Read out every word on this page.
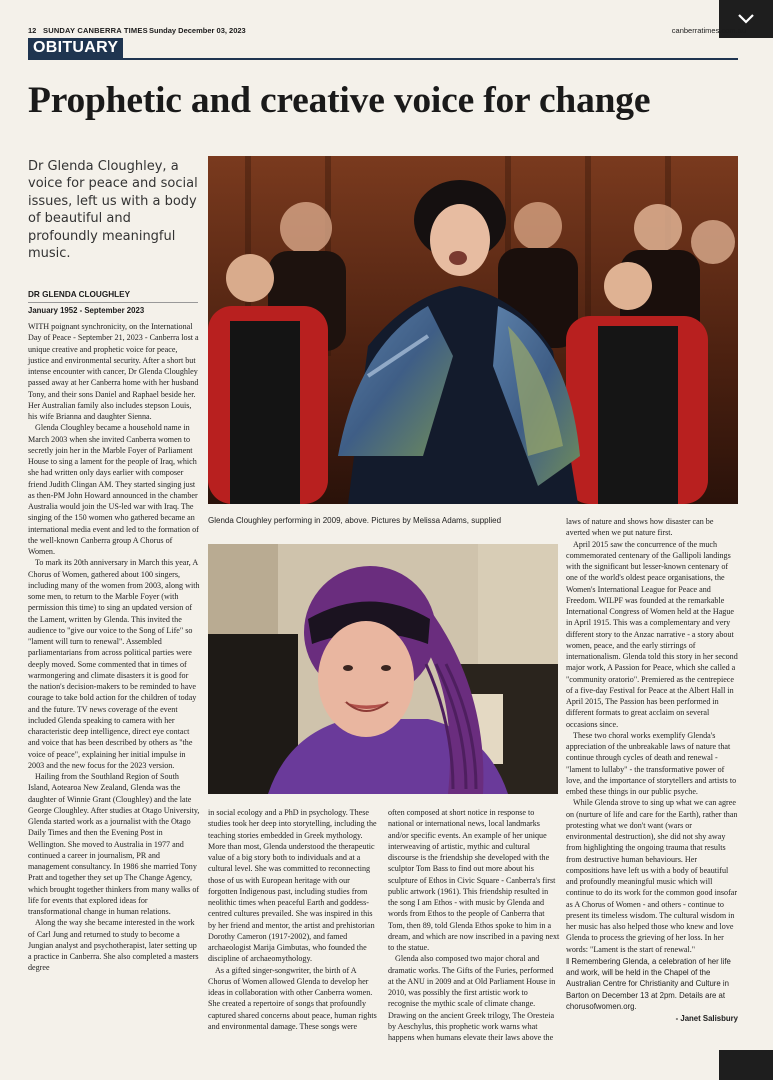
12 SUNDAY CANBERRA TIMES Sunday December 03, 2023	canberratimes.com.au
OBITUARY
Prophetic and creative voice for change
Dr Glenda Cloughley, a voice for peace and social issues, left us with a body of beautiful and profoundly meaningful music.
DR GLENDA CLOUGHLEY
January 1952 - September 2023

WITH poignant synchronicity, on the International Day of Peace - September 21, 2023 - Canberra lost a unique creative and prophetic voice for peace, justice and environmental security. After a short but intense encounter with cancer, Dr Glenda Cloughley passed away at her Canberra home with her husband Tony, and their sons Daniel and Raphael beside her. Her Australian family also includes stepson Louis, his wife Brianna and daughter Sienna.

Glenda Cloughley became a household name in March 2003 when she invited Canberra women to secretly join her in the Marble Foyer of Parliament House to sing a lament for the people of Iraq, which she had written only days earlier with composer friend Judith Clingan AM. They started singing just as then-PM John Howard announced in the chamber Australia would join the US-led war with Iraq. The singing of the 150 women who gathered became an international media event and led to the formation of the well-known Canberra group A Chorus of Women.

To mark its 20th anniversary in March this year, A Chorus of Women, gathered about 100 singers, including many of the women from 2003, along with some men, to return to the Marble Foyer (with permission this time) to sing an updated version of the Lament, written by Glenda. This invited the audience to "give our voice to the Song of Life" so "lament will turn to renewal". Assembled parliamentarians from across political parties were deeply moved. Some commented that in times of warmongering and climate disasters it is good for the nation's decision-makers to be reminded to have courage to take bold action for the children of today and the future. TV news coverage of the event included Glenda speaking to camera with her characteristic deep intelligence, direct eye contact and voice that has been described by others as "the voice of peace", explaining her initial impulse in 2003 and the new focus for the 2023 version.

Hailing from the Southland Region of South Island, Aotearoa New Zealand, Glenda was the daughter of Winnie Grant (Cloughley) and the late George Cloughley. After studies at Otago University, Glenda started work as a journalist with the Otago Daily Times and then the Evening Post in Wellington. She moved to Australia in 1977 and continued a career in journalism, PR and management consultancy. In 1986 she married Tony Pratt and together they set up The Change Agency, which brought together thinkers from many walks of life for events that explored ideas for transformational change in human relations.

Along the way she became interested in the work of Carl Jung and returned to study to become a Jungian analyst and psychotherapist, later setting up a practice in Canberra. She also completed a masters degree

Glenda Cloughley performing in 2009, above. Pictures by Melissa Adams, supplied

in social ecology and a PhD in psychology. These studies took her deep into storytelling, including the teaching stories embedded in Greek mythology. More than most, Glenda understood the therapeutic value of a big story both to individuals and at a cultural level. She was committed to reconnecting those of us with European heritage with our forgotten Indigenous past, including studies from neolithic times when peaceful Earth and goddess-centred cultures prevailed. She was inspired in this by her friend and mentor, the artist and prehistorian Dorothy Cameron (1917-2002), and famed archaeologist Marija Gimbutas, who founded the discipline of archaeomythology.

As a gifted singer-songwriter, the birth of A Chorus of Women allowed Glenda to develop her ideas in collaboration with other Canberra women. She created a repertoire of songs that profoundly captured shared concerns about peace, human rights and environmental damage. These songs were

often composed at short notice in response to national or international news, local landmarks and/or specific events. An example of her unique interweaving of artistic, mythic and cultural discourse is the friendship she developed with the sculptor Tom Bass to find out more about his sculpture of Ethos in Civic Square - Canberra's first public artwork (1961). This friendship resulted in the song I am Ethos - with music by Glenda and words from Ethos to the people of Canberra that Tom, then 89, told Glenda Ethos spoke to him in a dream, and which are now inscribed in a paving next to the statue.

Glenda also composed two major choral and dramatic works. The Gifts of the Furies, performed at the ANU in 2009 and at Old Parliament House in 2010, was possibly the first artistic work to recognise the mythic scale of climate change. Drawing on the ancient Greek trilogy, The Oresteia by Aeschylus, this prophetic work warns what happens when humans elevate their laws above the

laws of nature and shows how disaster can be averted when we put nature first.

April 2015 saw the concurrence of the much commemorated centenary of the Gallipoli landings with the significant but lesser-known centenary of one of the world's oldest peace organisations, the Women's International League for Peace and Freedom. WILPF was founded at the remarkable International Congress of Women held at the Hague in April 1915. This was a complementary and very different story to the Anzac narrative - a story about women, peace, and the early stirrings of internationalism. Glenda told this story in her second major work, A Passion for Peace, which she called a "community oratorio". Premiered as the centrepiece of a five-day Festival for Peace at the Albert Hall in April 2015, The Passion has been performed in different formats to great acclaim on several occasions since.

These two choral works exemplify Glenda's appreciation of the unbreakable laws of nature that continue through cycles of death and renewal - "lament to lullaby" - the transformative power of love, and the importance of storytellers and artists to embed these things in our public psyche.

While Glenda strove to sing up what we can agree on (nurture of life and care for the Earth), rather than protesting what we don't want (wars or environmental destruction), she did not shy away from highlighting the ongoing trauma that results from destructive human behaviours. Her compositions have left us with a body of beautiful and profoundly meaningful music which will continue to do its work for the common good insofar as A Chorus of Women - and others - continue to present its timeless wisdom. The cultural wisdom in her music has also helped those who knew and love Glenda to process the grieving of her loss. In her words: "Lament is the start of renewal."

‖ Remembering Glenda, a celebration of her life and work, will be held in the Chapel of the Australian Centre for Christianity and Culture in Barton on December 13 at 2pm. Details are at chorusofwomen.org.

- Janet Salisbury
